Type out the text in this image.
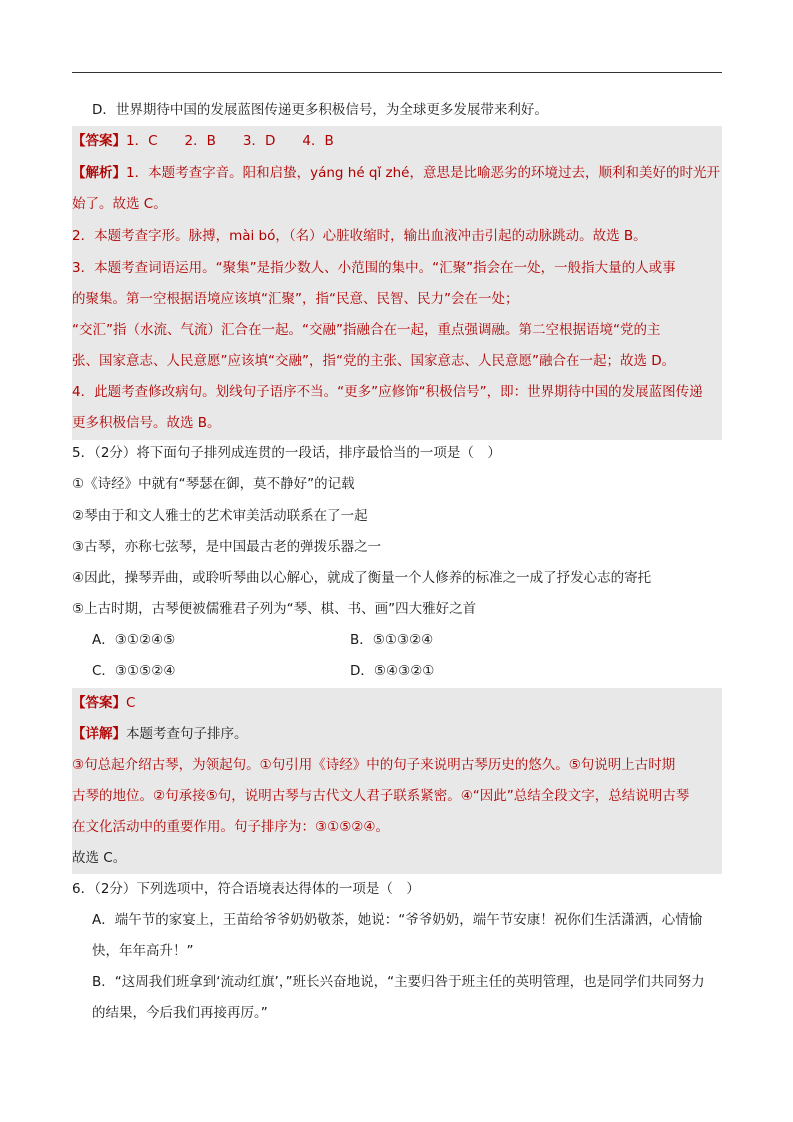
D．世界期待中国的发展蓝图传递更多积极信号，为全球更多发展带来利好。
【答案】1．C　　2．B　　3．D　　4．B
【解析】1．本题考查字音。阳和启蛰，yáng hé qǐ zhé，意思是比喻恶劣的环境过去，顺利和美好的时光开
始了。故选 C。
2．本题考查字形。脉搏，mài bó，（名）心脏收缩时，输出血液冲击引起的动脉跳动。故选 B。
3．本题考查词语运用。“聚集”是指少数人、小范围的集中。“汇聚”指会在一处，一般指大量的人或事
的聚集。第一空根据语境应该填“汇聚”，指“民意、民智、民力”会在一处；
“交汇”指（水流、气流）汇合在一起。“交融”指融合在一起，重点强调融。第二空根据语境“党的主
张、国家意志、人民意愿”应该填“交融”，指“党的主张、国家意志、人民意愿”融合在一起；故选 D。
4．此题考查修改病句。划线句子语序不当。“更多”应修饰“积极信号”，即：世界期待中国的发展蓝图传递
更多积极信号。故选 B。
5．（2分）将下面句子排列成连贯的一段话，排序最恰当的一项是（　）
①《诗经》中就有“琴瑟在御，莫不静好”的记载
②琴由于和文人雅士的艺术审美活动联系在了一起
③古琴，亦称七弦琴，是中国最古老的弹拨乐器之一
④因此，操琴弄曲，或聆听琴曲以心解心，就成了衡量一个人修养的标准之一成了抒发心志的寄托
⑤上古时期，古琴便被儒雅君子列为“琴、棋、书、画”四大雅好之首
A．③①②④⑤	B．⑤①③②④
C．③①⑤②④	D．⑤④③②①
【答案】C
【详解】本题考查句子排序。
③句总起介绍古琴，为领起句。①句引用《诗经》中的句子来说明古琴历史的悠久。⑤句说明上古时期
古琴的地位。②句承接⑤句，说明古琴与古代文人君子联系紧密。④“因此”总结全段文字，总结说明古琴
在文化活动中的重要作用。句子排序为：③①⑤②④。
故选 C。
6．（2分）下列选项中，符合语境表达得体的一项是（　）
A．端午节的家宴上，王苗给爷爷奶奶敬茶，她说：“爷爷奶奶，端午节安康！祝你们生活潇洒，心情愉
快，年年高升！”
B．“这周我们班拿到‘流动红旗’，”班长兴奋地说，“主要归咎于班主任的英明管理，也是同学们共同努力
的结果，今后我们再接再厉。”
